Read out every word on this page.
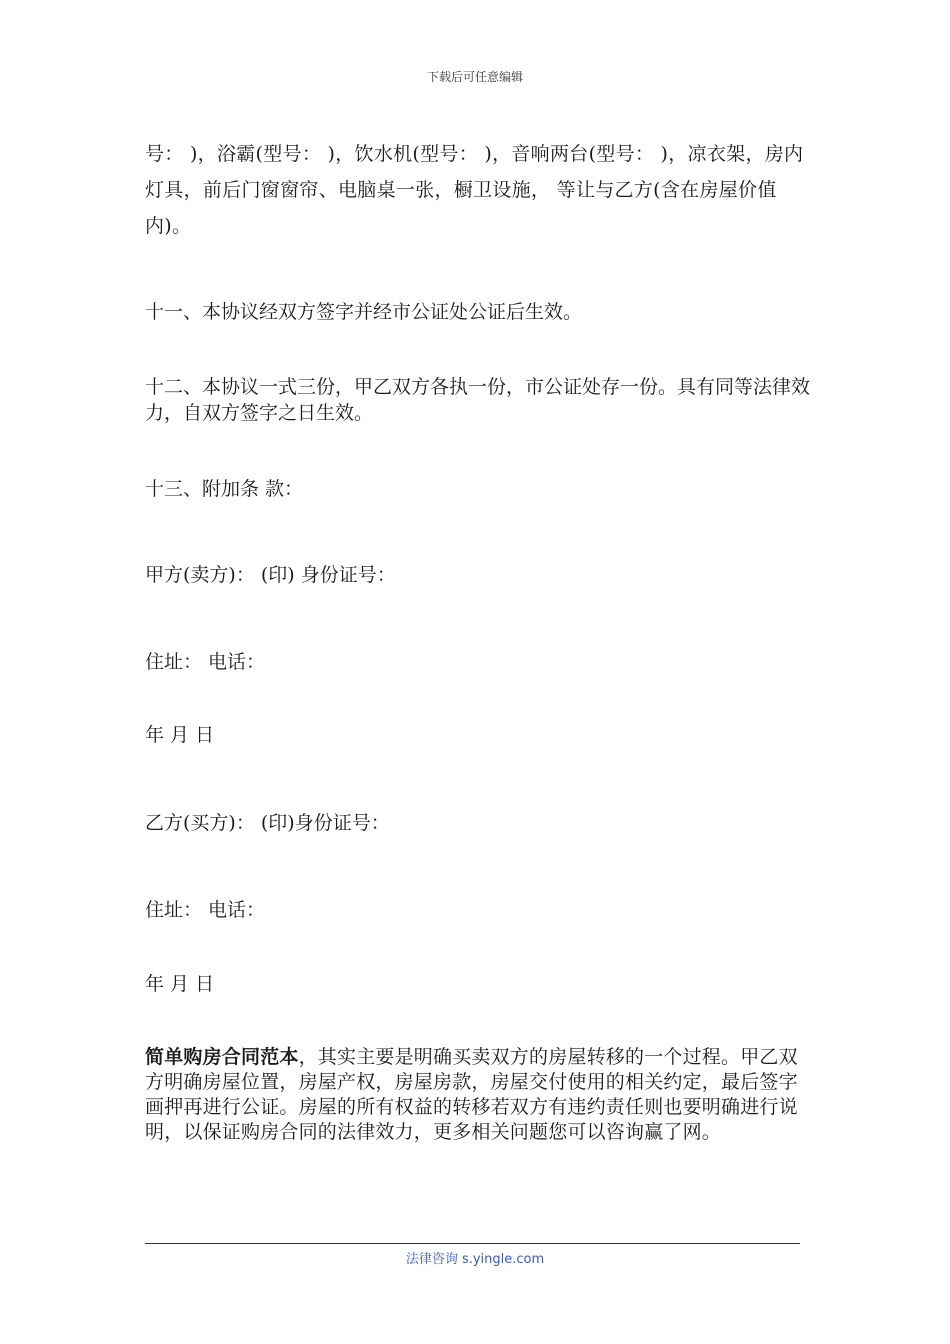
下载后可任意编辑

号： )，浴霸(型号： )，饮水机(型号： )，音响两台(型号： )，凉衣架，房内灯具，前后门窗窗帘、电脑桌一张，橱卫设施， 等让与乙方(含在房屋价值内)。

十一、本协议经双方签字并经市公证处公证后生效。

十二、本协议一式三份，甲乙双方各执一份，市公证处存一份。具有同等法律效力，自双方签字之日生效。

十三、附加条 款：

甲方(卖方)： (印) 身份证号：

住址： 电话：

年 月 日

乙方(买方)： (印)身份证号：

住址： 电话：

年 月 日

简单购房合同范本，其实主要是明确买卖双方的房屋转移的一个过程。甲乙双方明确房屋位置，房屋产权，房屋房款，房屋交付使用的相关约定，最后签字画押再进行公证。房屋的所有权益的转移若双方有违约责任则也要明确进行说明，以保证购房合同的法律效力，更多相关问题您可以咨询赢了网。

法律咨询 s.yingle.com
